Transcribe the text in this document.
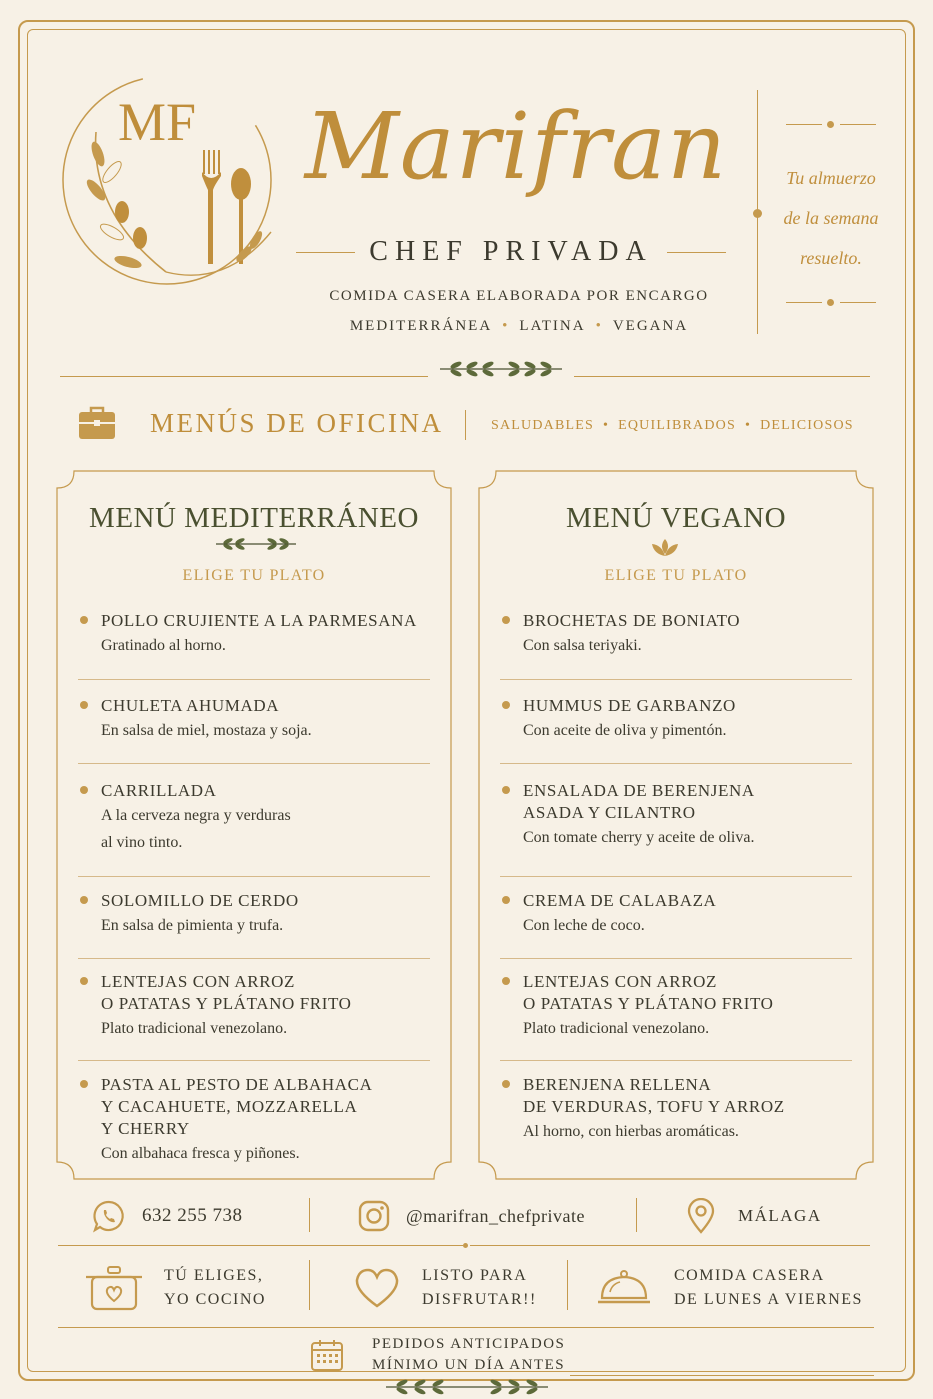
MF Marifran
CHEF PRIVADA
COMIDA CASERA ELABORADA POR ENCARGO
MEDITERRÁNEA • LATINA • VEGANA
Tu almuerzo
de la semana
resuelto.
MENÚS DE OFICINA	SALUDABLES • EQUILIBRADOS • DELICIOSOS
MENÚ MEDITERRÁNEO
ELIGE TU PLATO
POLLO CRUJIENTE A LA PARMESANA
Gratinado al horno.
CHULETA AHUMADA
En salsa de miel, mostaza y soja.
CARRILLADA
A la cerveza negra y verduras
al vino tinto.
SOLOMILLO DE CERDO
En salsa de pimienta y trufa.
LENTEJAS CON ARROZ
O PATATAS Y PLÁTANO FRITO
Plato tradicional venezolano.
PASTA AL PESTO DE ALBAHACA
Y CACAHUETE, MOZZARELLA
Y CHERRY
Con albahaca fresca y piñones.
MENÚ VEGANO
ELIGE TU PLATO
BROCHETAS DE BONIATO
Con salsa teriyaki.
HUMMUS DE GARBANZO
Con aceite de oliva y pimentón.
ENSALADA DE BERENJENA
ASADA Y CILANTRO
Con tomate cherry y aceite de oliva.
CREMA DE CALABAZA
Con leche de coco.
LENTEJAS CON ARROZ
O PATATAS Y PLÁTANO FRITO
Plato tradicional venezolano.
BERENJENA RELLENA
DE VERDURAS, TOFU Y ARROZ
Al horno, con hierbas aromáticas.
632 255 738	@marifran_chefprivate	MÁLAGA
TÚ ELIGES,
YO COCINO
LISTO PARA
DISFRUTAR!!
COMIDA CASERA
DE LUNES A VIERNES
PEDIDOS ANTICIPADOS
MÍNIMO UN DÍA ANTES
